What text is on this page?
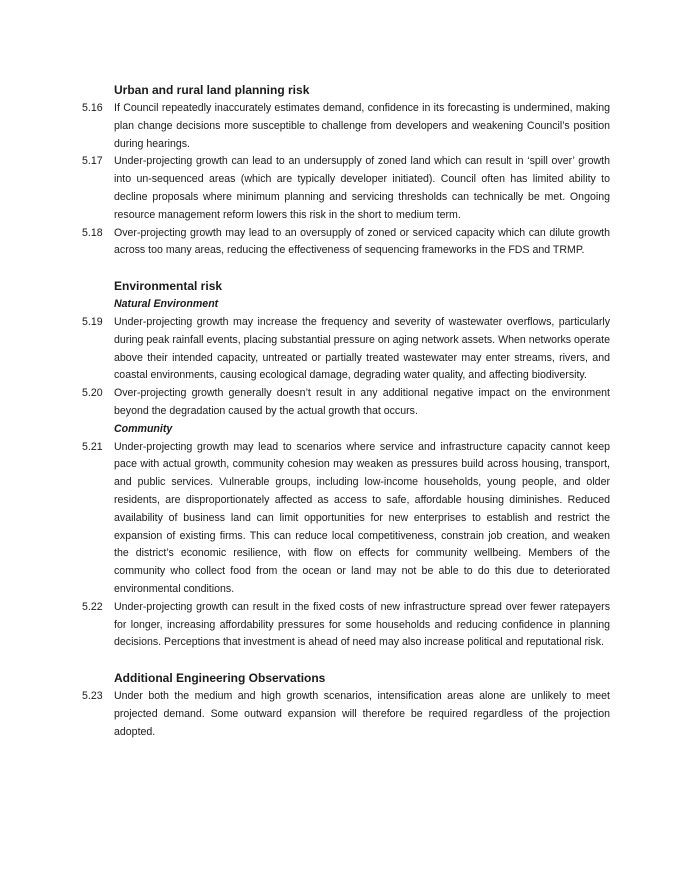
Urban and rural land planning risk
5.16	If Council repeatedly inaccurately estimates demand, confidence in its forecasting is undermined, making plan change decisions more susceptible to challenge from developers and weakening Council’s position during hearings.
5.17	Under-projecting growth can lead to an undersupply of zoned land which can result in ‘spill over’ growth into un-sequenced areas (which are typically developer initiated). Council often has limited ability to decline proposals where minimum planning and servicing thresholds can technically be met. Ongoing resource management reform lowers this risk in the short to medium term.
5.18	Over-projecting growth may lead to an oversupply of zoned or serviced capacity which can dilute growth across too many areas, reducing the effectiveness of sequencing frameworks in the FDS and TRMP.
Environmental risk
Natural Environment
5.19	Under-projecting growth may increase the frequency and severity of wastewater overflows, particularly during peak rainfall events, placing substantial pressure on aging network assets. When networks operate above their intended capacity, untreated or partially treated wastewater may enter streams, rivers, and coastal environments, causing ecological damage, degrading water quality, and affecting biodiversity.
5.20	Over-projecting growth generally doesn’t result in any additional negative impact on the environment beyond the degradation caused by the actual growth that occurs.
Community
5.21	Under-projecting growth may lead to scenarios where service and infrastructure capacity cannot keep pace with actual growth, community cohesion may weaken as pressures build across housing, transport, and public services. Vulnerable groups, including low-income households, young people, and older residents, are disproportionately affected as access to safe, affordable housing diminishes. Reduced availability of business land can limit opportunities for new enterprises to establish and restrict the expansion of existing firms. This can reduce local competitiveness, constrain job creation, and weaken the district’s economic resilience, with flow on effects for community wellbeing. Members of the community who collect food from the ocean or land may not be able to do this due to deteriorated environmental conditions.
5.22	Under-projecting growth can result in the fixed costs of new infrastructure spread over fewer ratepayers for longer, increasing affordability pressures for some households and reducing confidence in planning decisions. Perceptions that investment is ahead of need may also increase political and reputational risk.
Additional Engineering Observations
5.23	Under both the medium and high growth scenarios, intensification areas alone are unlikely to meet projected demand. Some outward expansion will therefore be required regardless of the projection adopted.
